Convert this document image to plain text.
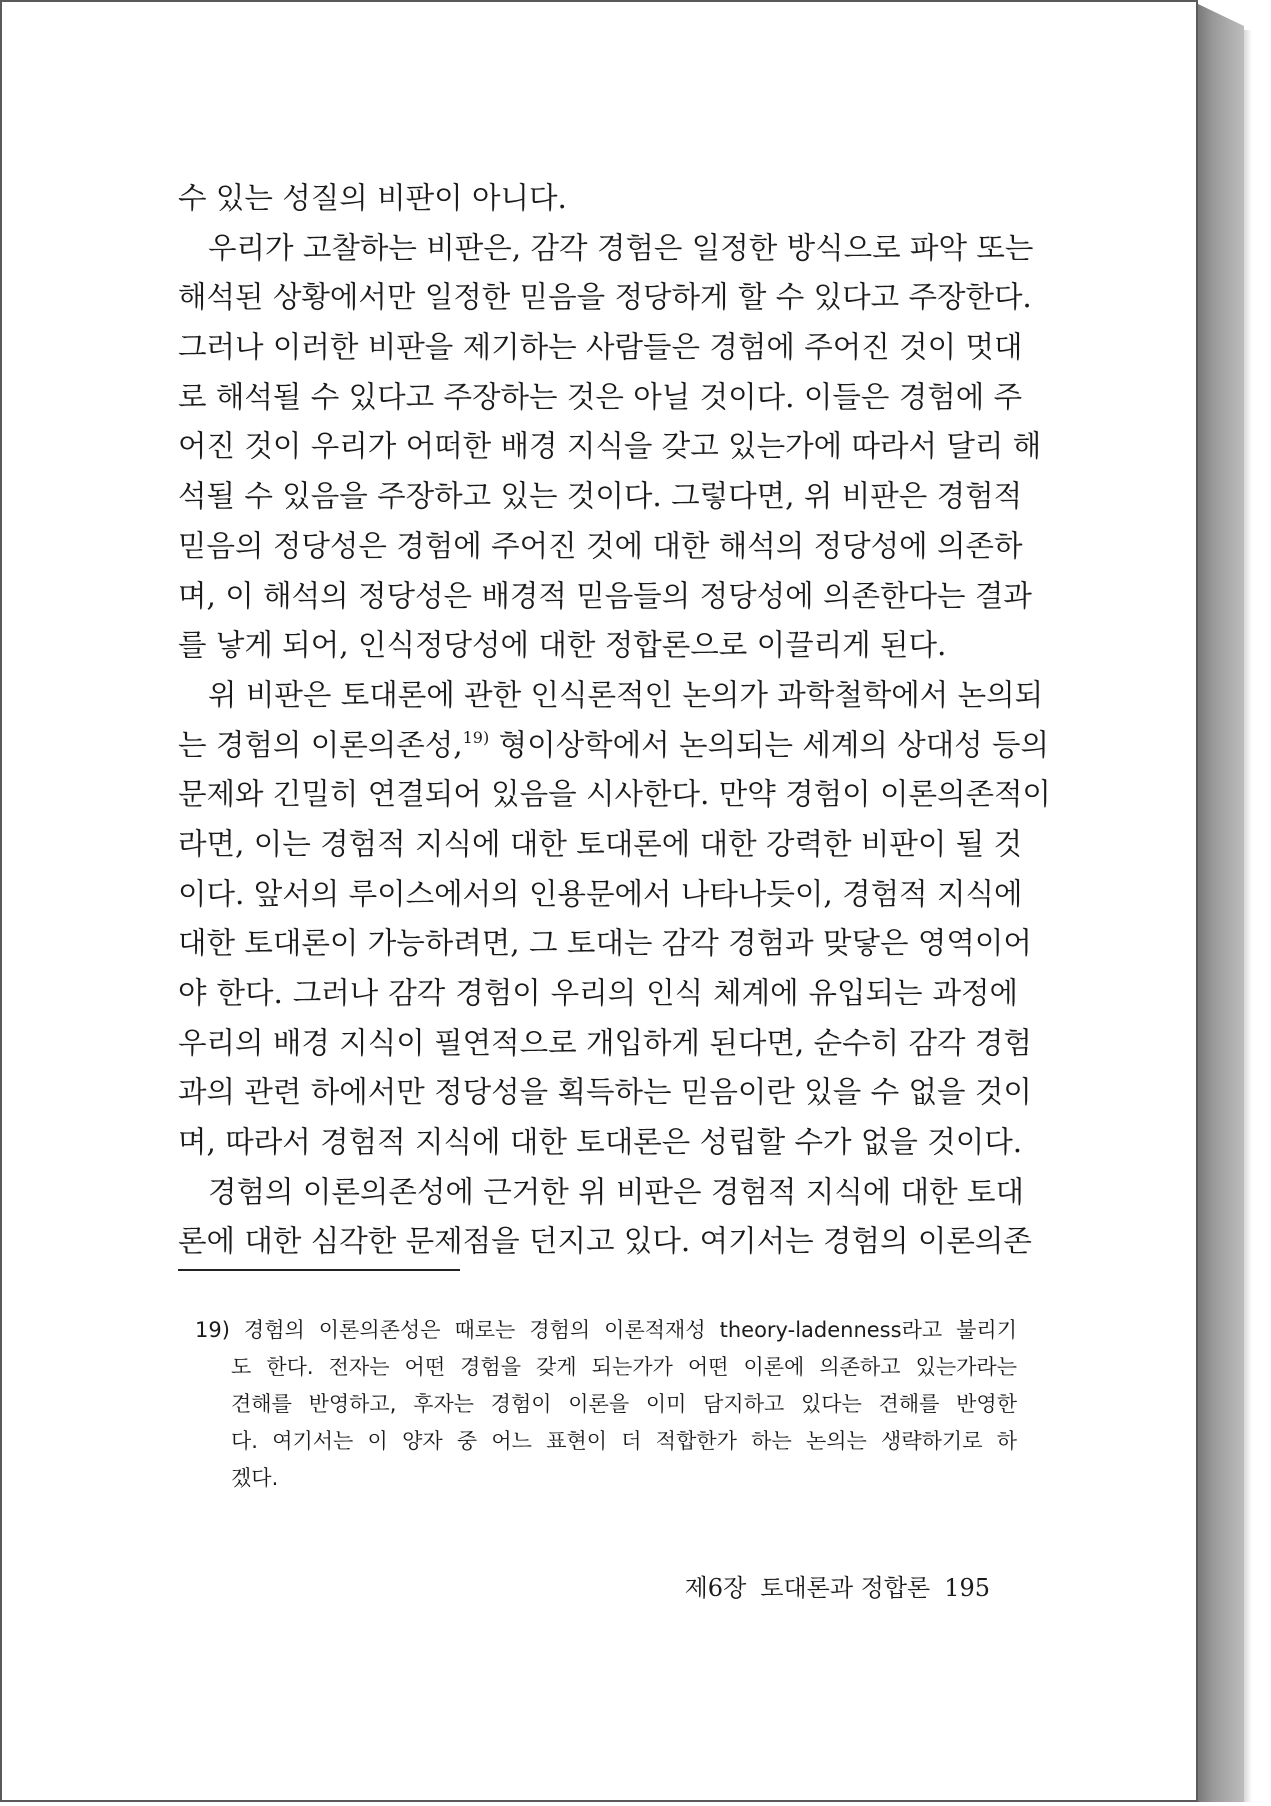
수 있는 성질의 비판이 아니다.
우리가 고찰하는 비판은, 감각 경험은 일정한 방식으로 파악 또는
해석된 상황에서만 일정한 믿음을 정당하게 할 수 있다고 주장한다.
그러나 이러한 비판을 제기하는 사람들은 경험에 주어진 것이 멋대
로 해석될 수 있다고 주장하는 것은 아닐 것이다. 이들은 경험에 주
어진 것이 우리가 어떠한 배경 지식을 갖고 있는가에 따라서 달리 해
석될 수 있음을 주장하고 있는 것이다. 그렇다면, 위 비판은 경험적
믿음의 정당성은 경험에 주어진 것에 대한 해석의 정당성에 의존하
며, 이 해석의 정당성은 배경적 믿음들의 정당성에 의존한다는 결과
를 낳게 되어, 인식정당성에 대한 정합론으로 이끌리게 된다.
위 비판은 토대론에 관한 인식론적인 논의가 과학철학에서 논의되
는 경험의 이론의존성,$^{19)}$ 형이상학에서 논의되는 세계의 상대성 등의
문제와 긴밀히 연결되어 있음을 시사한다. 만약 경험이 이론의존적이
라면, 이는 경험적 지식에 대한 토대론에 대한 강력한 비판이 될 것
이다. 앞서의 루이스에서의 인용문에서 나타나듯이, 경험적 지식에
대한 토대론이 가능하려면, 그 토대는 감각 경험과 맞닿은 영역이어
야 한다. 그러나 감각 경험이 우리의 인식 체계에 유입되는 과정에
우리의 배경 지식이 필연적으로 개입하게 된다면, 순수히 감각 경험
과의 관련 하에서만 정당성을 획득하는 믿음이란 있을 수 없을 것이
며, 따라서 경험적 지식에 대한 토대론은 성립할 수가 없을 것이다.
경험의 이론의존성에 근거한 위 비판은 경험적 지식에 대한 토대
론에 대한 심각한 문제점을 던지고 있다. 여기서는 경험의 이론의존
19) 경험의 이론의존성은 때로는 경험의 이론적재성 theory-ladenness라고 불리기
도 한다. 전자는 어떤 경험을 갖게 되는가가 어떤 이론에 의존하고 있는가라는
견해를 반영하고, 후자는 경험이 이론을 이미 담지하고 있다는 견해를 반영한
다. 여기서는 이 양자 중 어느 표현이 더 적합한가 하는 논의는 생략하기로 하
겠다.
제6장 토대론과 정합론 195
